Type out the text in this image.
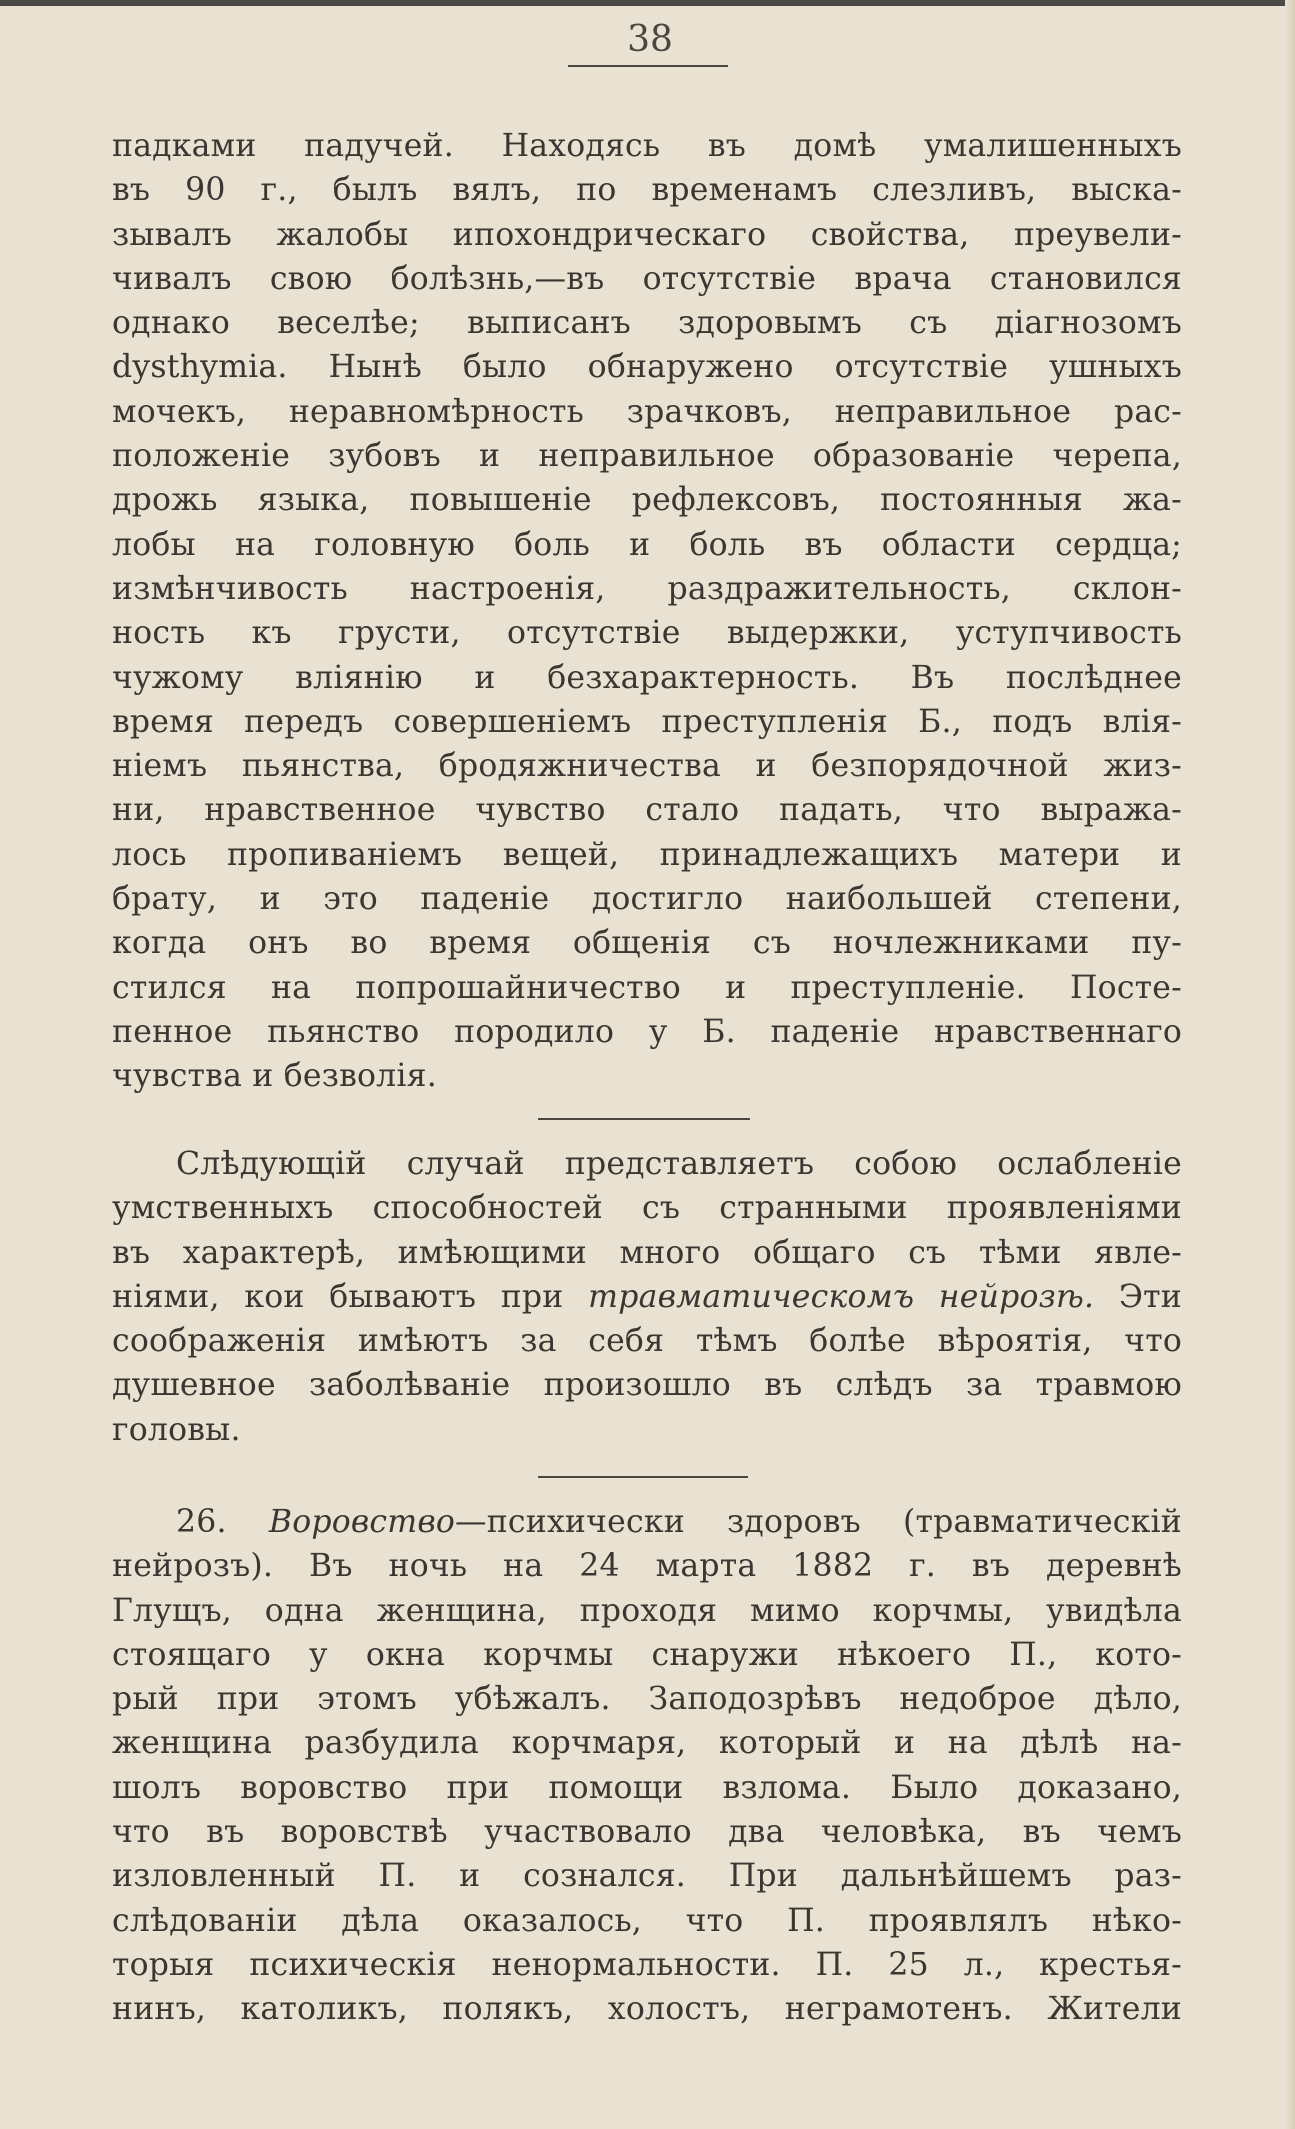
38
падками падучей. Находясь въ домѣ умалишенныхъ
въ 90 г., былъ вялъ, по временамъ слезливъ, выска-
зывалъ жалобы ипохондрическаго свойства, преувели-
чивалъ свою болѣзнь,—въ отсутствіе врача становился
однако веселѣе; выписанъ здоровымъ съ діагнозомъ
dysthymia. Нынѣ было обнаружено отсутствіе ушныхъ
мочекъ, неравномѣрность зрачковъ, неправильное рас-
положеніе зубовъ и неправильное образованіе черепа,
дрожь языка, повышеніе рефлексовъ, постоянныя жа-
лобы на головную боль и боль въ области сердца;
измѣнчивость настроенія, раздражительность, склон-
ность къ грусти, отсутствіе выдержки, уступчивость
чужому вліянію и безхарактерность. Въ послѣднее
время передъ совершеніемъ преступленія Б., подъ влія-
ніемъ пьянства, бродяжничества и безпорядочной жиз-
ни, нравственное чувство стало падать, что выража-
лось пропиваніемъ вещей, принадлежащихъ матери и
брату, и это паденіе достигло наибольшей степени,
когда онъ во время общенія съ ночлежниками пу-
стился на попрошайничество и преступленіе. Посте-
пенное пьянство породило у Б. паденіе нравственнаго
чувства и безволія.
Слѣдующій случай представляетъ собою ослабленіе
умственныхъ способностей съ странными проявленіями
въ характерѣ, имѣющими много общаго съ тѣми явле-
ніями, кои бываютъ при травматическомъ нейрозѣ. Эти
соображенія имѣютъ за себя тѣмъ болѣе вѣроятія, что
душевное заболѣваніе произошло въ слѣдъ за травмою
головы.
26. Воровство—психически здоровъ (травматическій
нейрозъ). Въ ночь на 24 марта 1882 г. въ деревнѣ
Глущъ, одна женщина, проходя мимо корчмы, увидѣла
стоящаго у окна корчмы снаружи нѣкоего П., кото-
рый при этомъ убѣжалъ. Заподозрѣвъ недоброе дѣло,
женщина разбудила корчмаря, который и на дѣлѣ на-
шолъ воровство при помощи взлома. Было доказано,
что въ воровствѣ участвовало два человѣка, въ чемъ
изловленный П. и сознался. При дальнѣйшемъ раз-
слѣдованіи дѣла оказалось, что П. проявлялъ нѣко-
торыя психическія ненормальности. П. 25 л., крестья-
нинъ, католикъ, полякъ, холостъ, неграмотенъ. Жители
